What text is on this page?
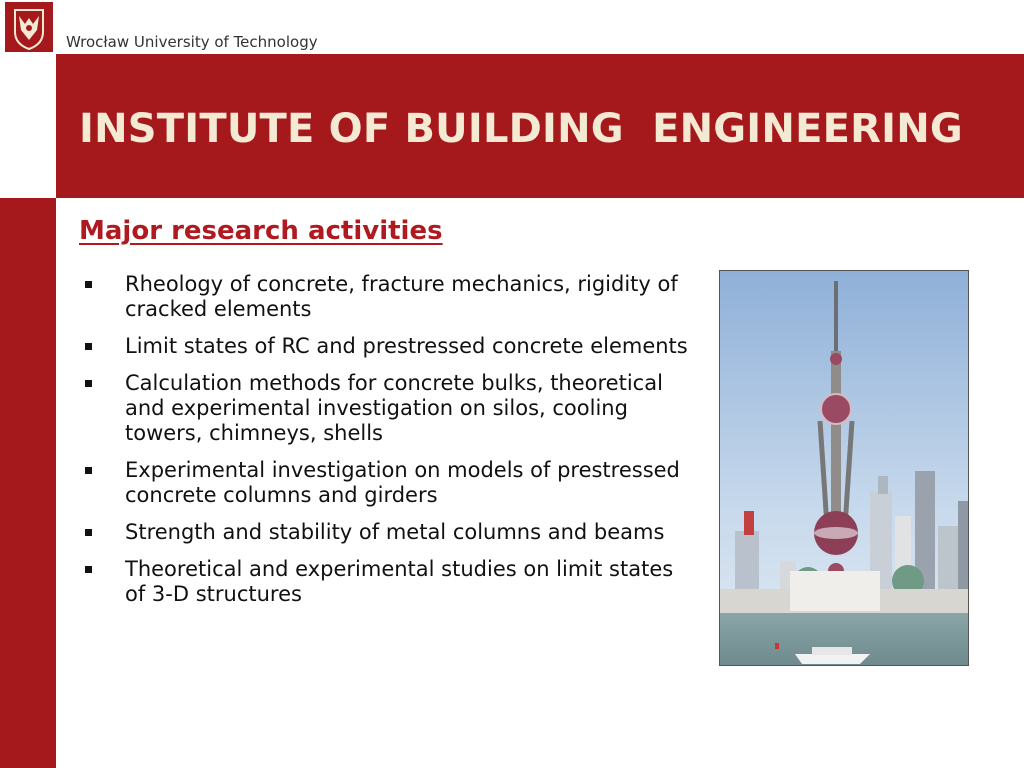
Wrocław University of Technology
INSTITUTE OF BUILDING  ENGINEERING
Major research activities
Rheology of concrete, fracture mechanics, rigidity of cracked elements
Limit states of RC and prestressed concrete elements
Calculation methods for concrete bulks, theoretical and experimental investigation on silos, cooling towers, chimneys, shells
Experimental investigation on models of prestressed concrete columns and girders
Strength and stability of metal columns and beams
Theoretical and experimental studies on limit states of 3-D structures
